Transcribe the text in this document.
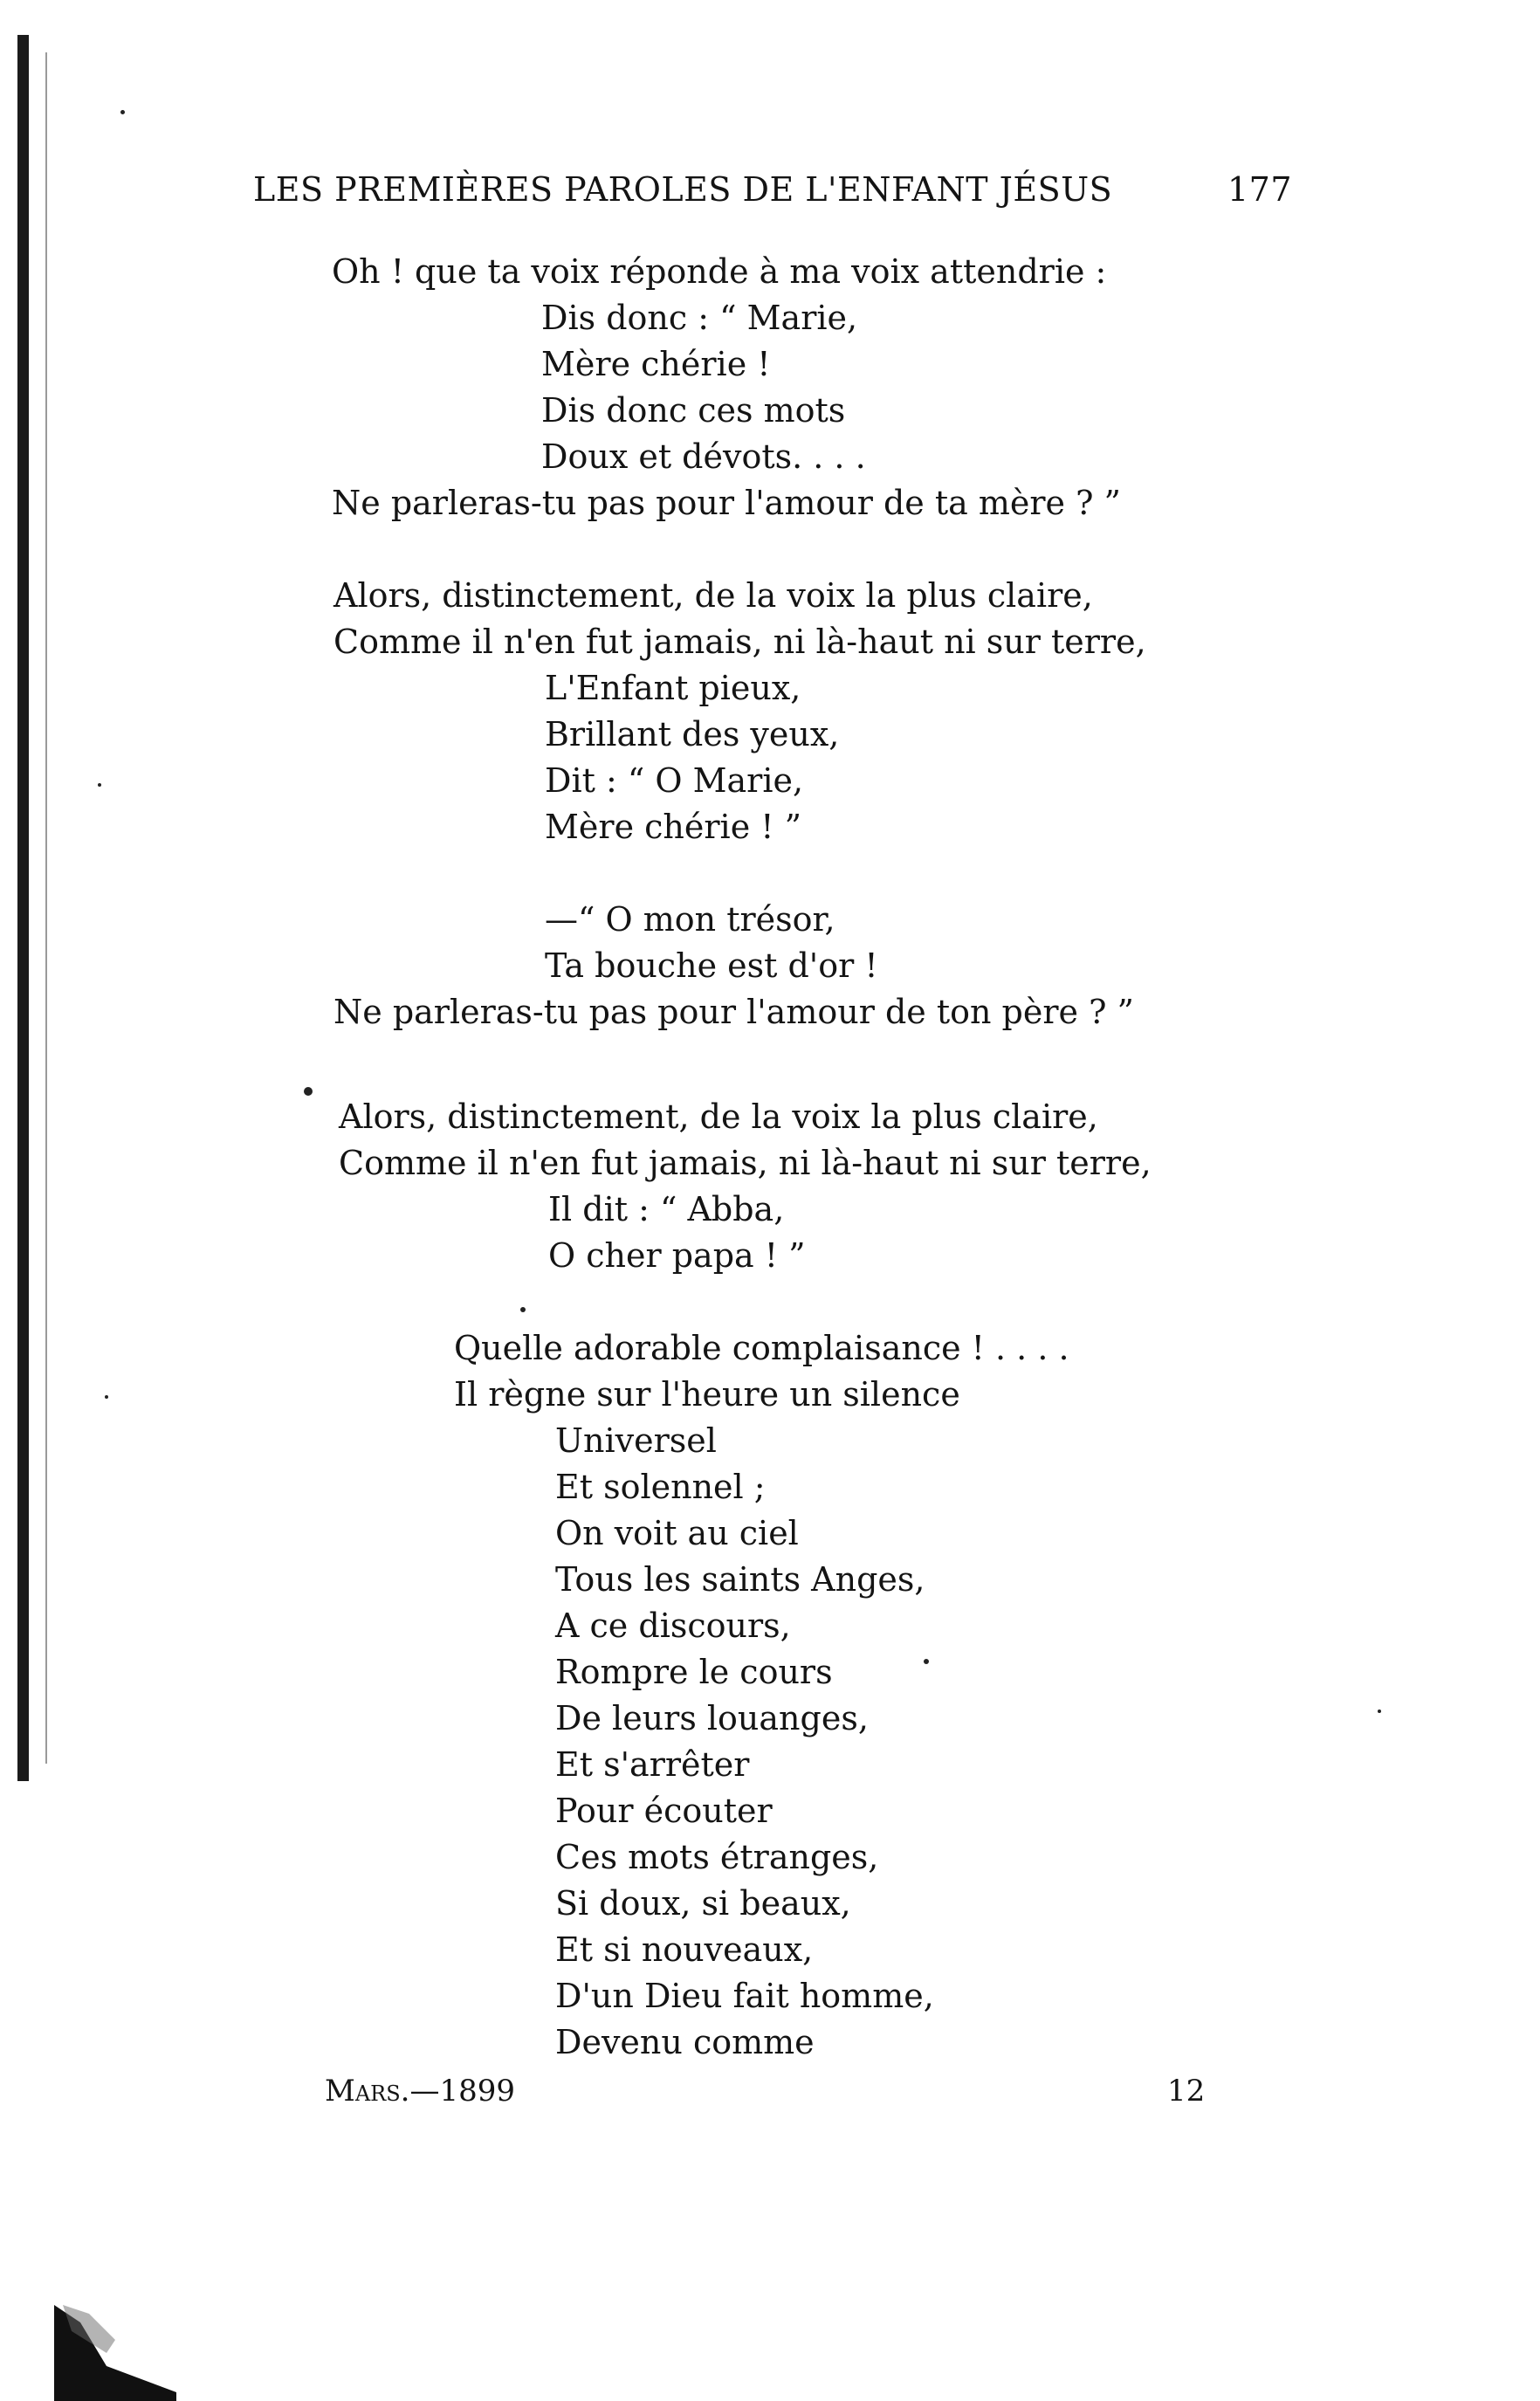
LES PREMIÈRES PAROLES DE L'ENFANT JÉSUS	177
Oh ! que ta voix réponde à ma voix attendrie :
Dis donc : “ Marie,
Mère chérie !
Dis donc ces mots
Doux et dévots. . . .
Ne parleras-tu pas pour l'amour de ta mère ? ”
Alors, distinctement, de la voix la plus claire,
Comme il n'en fut jamais, ni là-haut ni sur terre,
L'Enfant pieux,
Brillant des yeux,
Dit : “ O Marie,
Mère chérie ! ”
—“ O mon trésor,
Ta bouche est d'or !
Ne parleras-tu pas pour l'amour de ton père ? ”
Alors, distinctement, de la voix la plus claire,
Comme il n'en fut jamais, ni là-haut ni sur terre,
Il dit : “ Abba,
O cher papa ! ”
Quelle adorable complaisance ! . . . .
Il règne sur l'heure un silence
Universel
Et solennel ;
On voit au ciel
Tous les saints Anges,
A ce discours,
Rompre le cours
De leurs louanges,
Et s'arrêter
Pour écouter
Ces mots étranges,
Si doux, si beaux,
Et si nouveaux,
D'un Dieu fait homme,
Devenu comme
Mars.—1899	12
